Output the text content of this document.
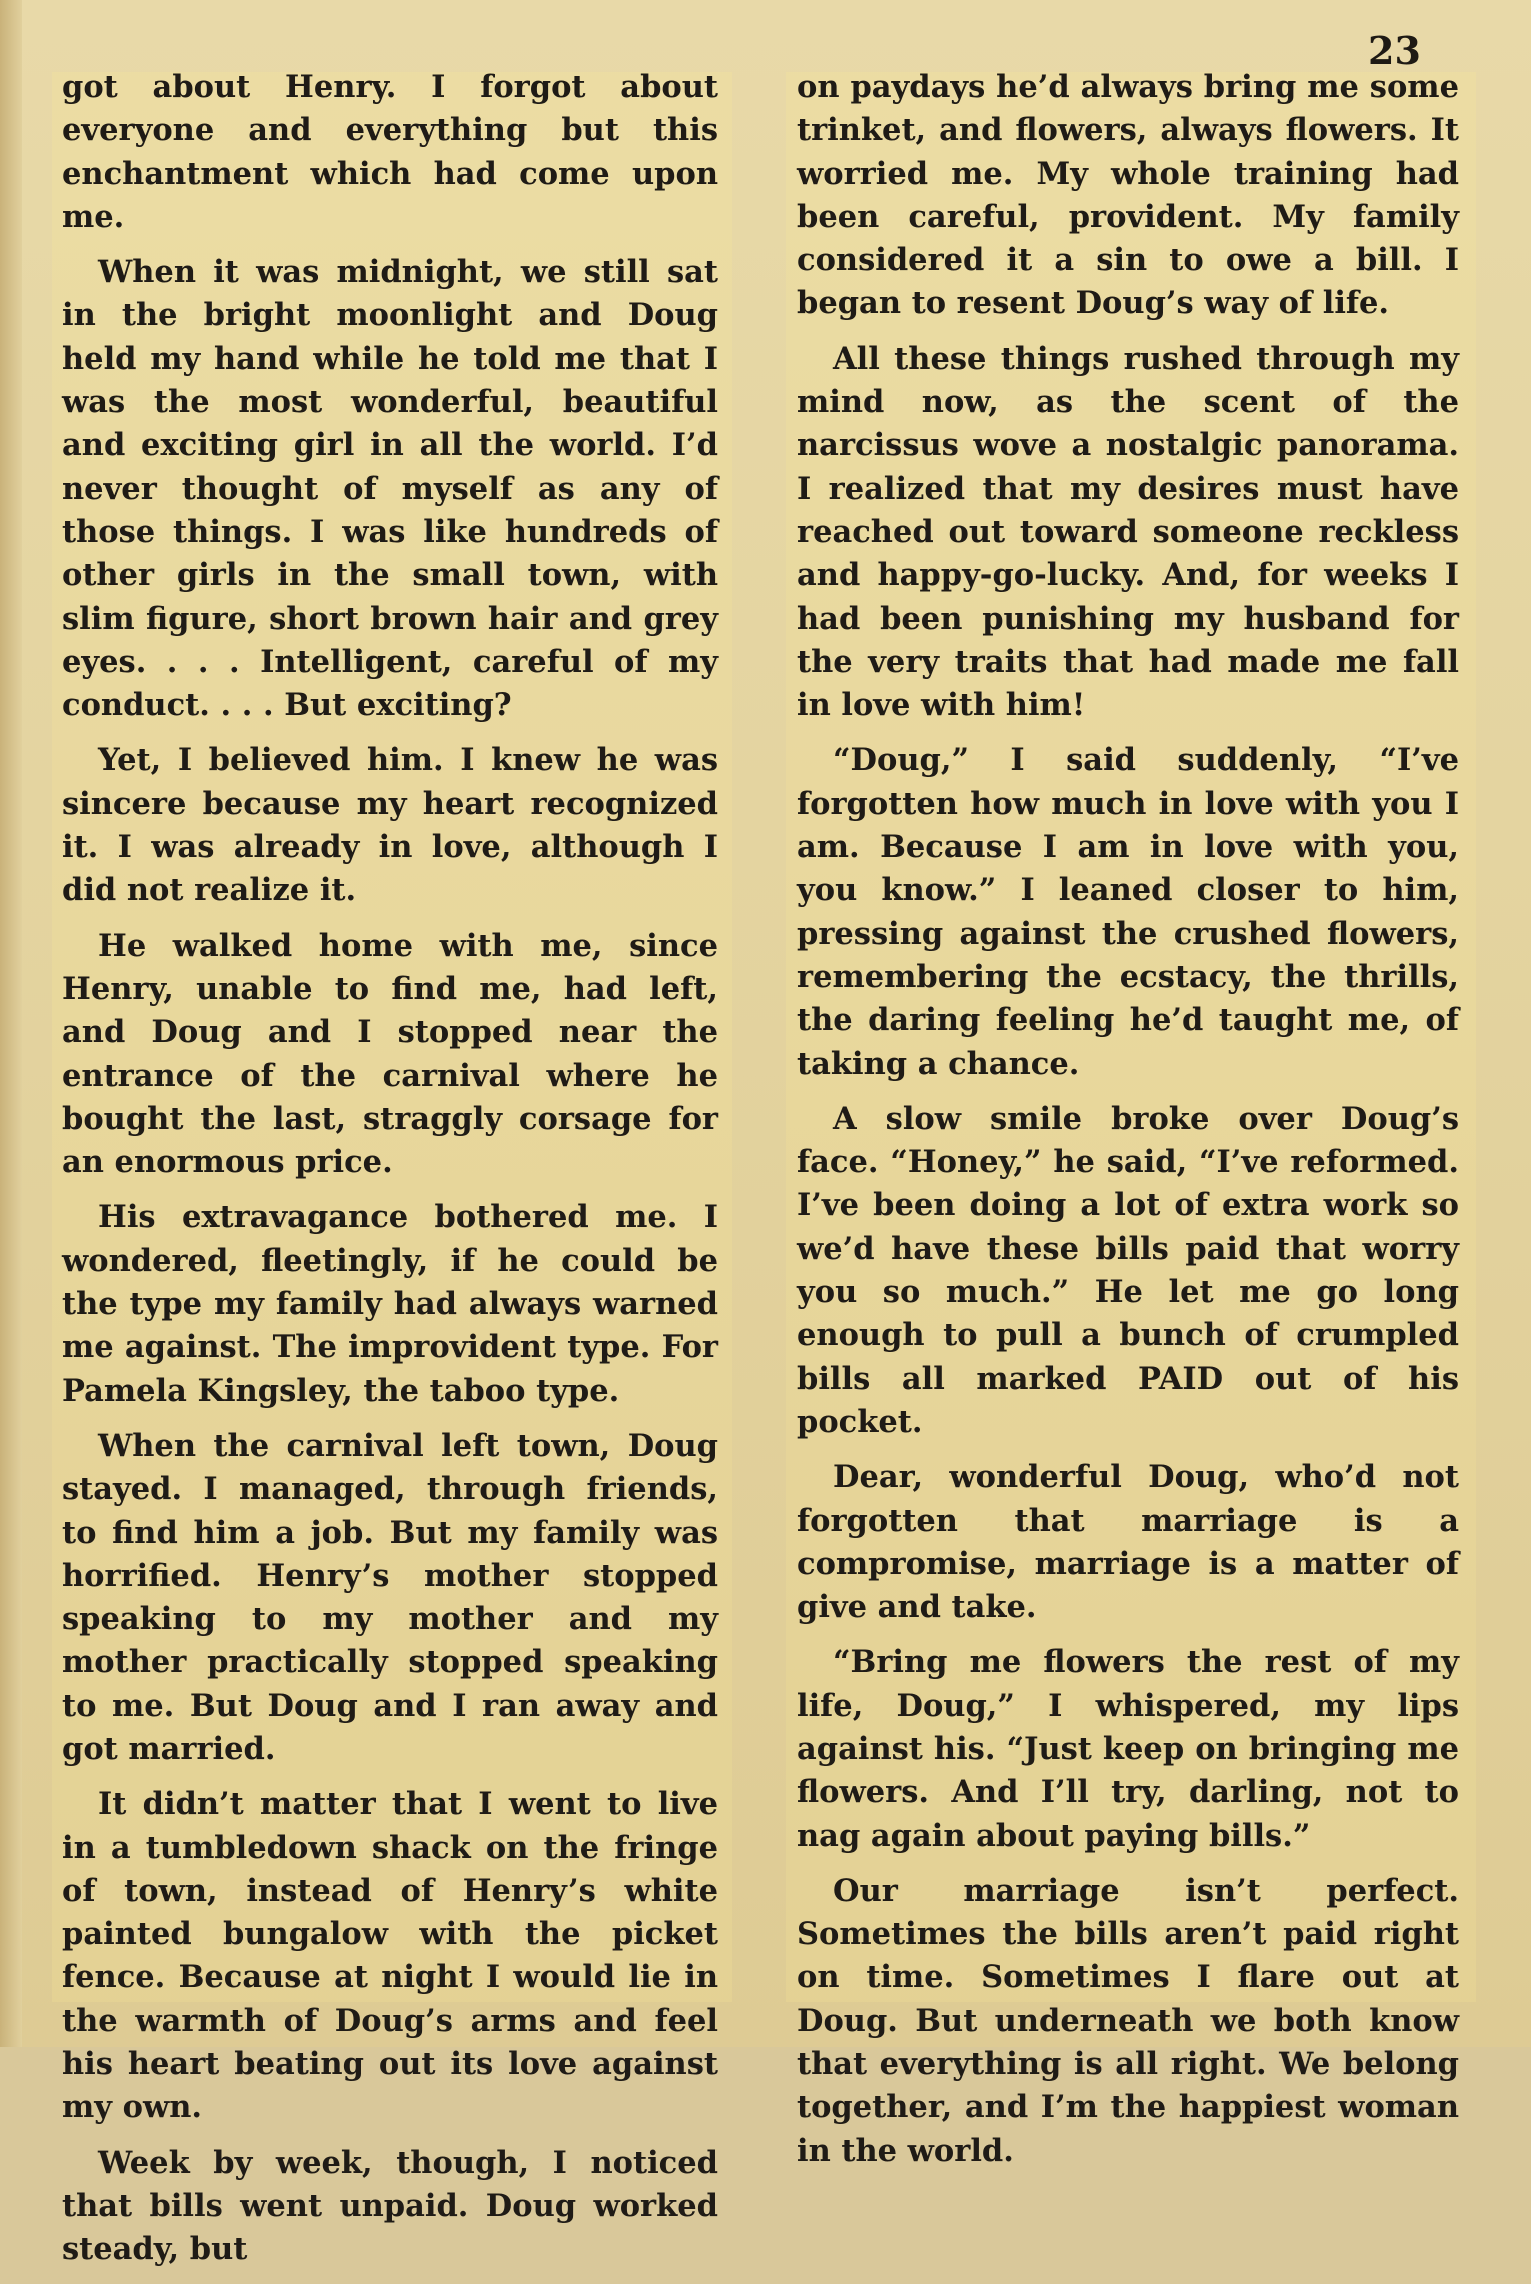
23

got about Henry. I forgot about everyone and everything but this enchantment which had come upon me.

When it was midnight, we still sat in the bright moonlight and Doug held my hand while he told me that I was the most wonderful, beautiful and exciting girl in all the world. I’d never thought of myself as any of those things. I was like hundreds of other girls in the small town, with slim figure, short brown hair and grey eyes. . . . Intelligent, careful of my conduct. . . . But exciting?

Yet, I believed him. I knew he was sincere because my heart recognized it. I was already in love, although I did not realize it.

He walked home with me, since Henry, unable to find me, had left, and Doug and I stopped near the entrance of the carnival where he bought the last, straggly corsage for an enormous price.

His extravagance bothered me. I wondered, fleetingly, if he could be the type my family had always warned me against. The improvident type. For Pamela Kingsley, the taboo type.

When the carnival left town, Doug stayed. I managed, through friends, to find him a job. But my family was horrified. Henry’s mother stopped speaking to my mother and my mother practically stopped speaking to me. But Doug and I ran away and got married.

It didn’t matter that I went to live in a tumbledown shack on the fringe of town, instead of Henry’s white painted bungalow with the picket fence. Because at night I would lie in the warmth of Doug’s arms and feel his heart beating out its love against my own.

Week by week, though, I noticed that bills went unpaid. Doug worked steady, but

on paydays he’d always bring me some trinket, and flowers, always flowers. It worried me. My whole training had been careful, provident. My family considered it a sin to owe a bill. I began to resent Doug’s way of life.

All these things rushed through my mind now, as the scent of the narcissus wove a nostalgic panorama. I realized that my desires must have reached out toward someone reckless and happy-go-lucky. And, for weeks I had been punishing my husband for the very traits that had made me fall in love with him!

“Doug,” I said suddenly, “I’ve forgotten how much in love with you I am. Because I am in love with you, you know.” I leaned closer to him, pressing against the crushed flowers, remembering the ecstacy, the thrills, the daring feeling he’d taught me, of taking a chance.

A slow smile broke over Doug’s face. “Honey,” he said, “I’ve reformed. I’ve been doing a lot of extra work so we’d have these bills paid that worry you so much.” He let me go long enough to pull a bunch of crumpled bills all marked PAID out of his pocket.

Dear, wonderful Doug, who’d not forgotten that marriage is a compromise, marriage is a matter of give and take.

“Bring me flowers the rest of my life, Doug,” I whispered, my lips against his. “Just keep on bringing me flowers. And I’ll try, darling, not to nag again about paying bills.”

Our marriage isn’t perfect. Sometimes the bills aren’t paid right on time. Sometimes I flare out at Doug. But underneath we both know that everything is all right. We belong together, and I’m the happiest woman in the world.
